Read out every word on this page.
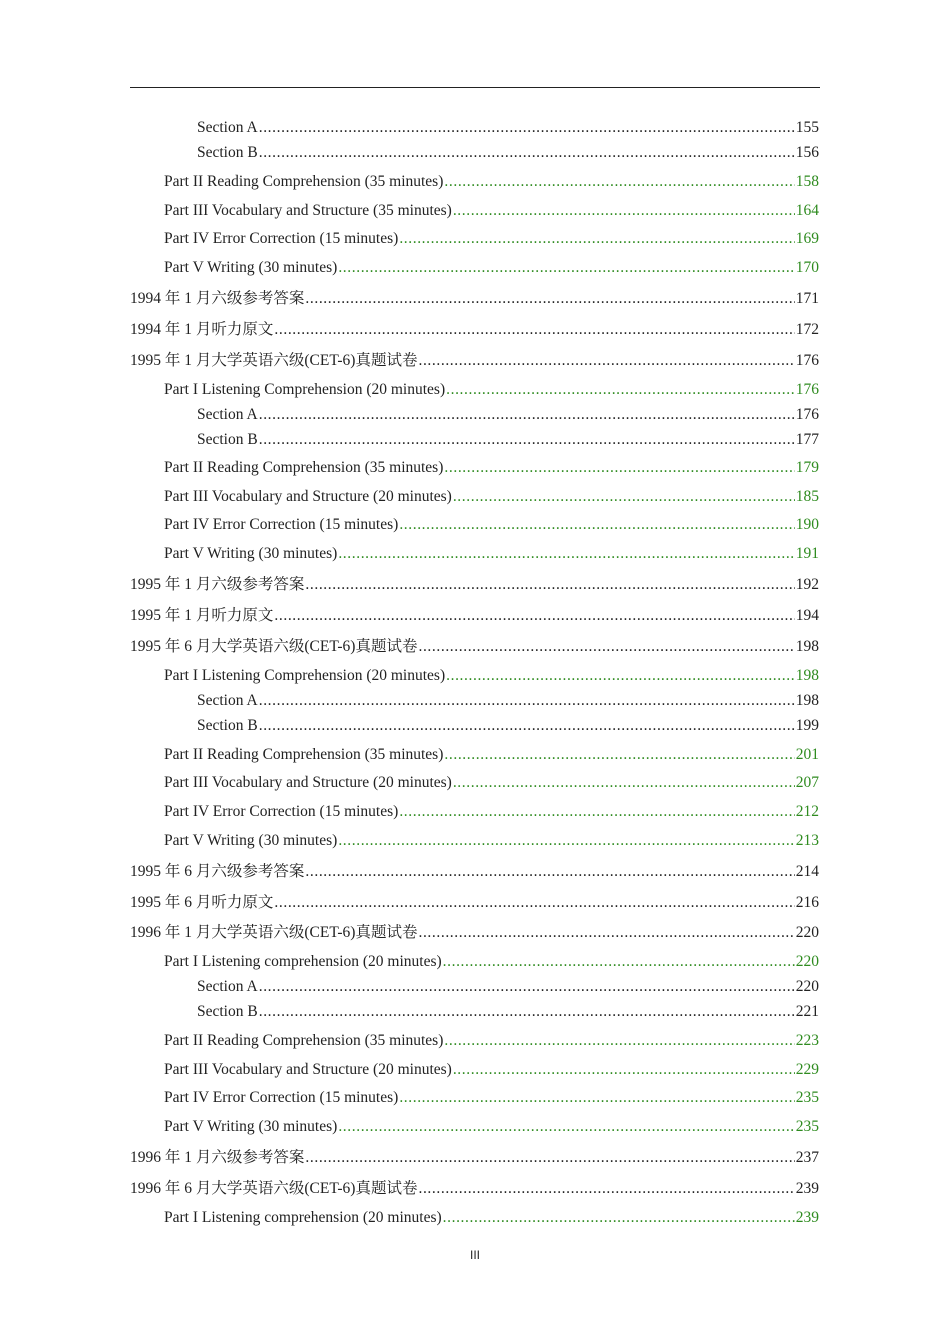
Section A .....	155
Section B .....	156
Part II Reading Comprehension (35 minutes) .....	158
Part III Vocabulary and Structure (35 minutes) .....	164
Part IV Error Correction (15 minutes) .....	169
Part V Writing (30 minutes) .....	170
1994 年 1 月六级参考答案 .....	171
1994 年 1 月听力原文 .....	172
1995 年 1 月大学英语六级(CET-6)真题试卷 .....	176
Part I Listening Comprehension (20 minutes) .....	176
Section A .....	176
Section B .....	177
Part II Reading Comprehension (35 minutes) .....	179
Part III Vocabulary and Structure (20 minutes) .....	185
Part IV Error Correction (15 minutes) .....	190
Part V Writing (30 minutes) .....	191
1995 年 1 月六级参考答案 .....	192
1995 年 1 月听力原文 .....	194
1995 年 6 月大学英语六级(CET-6)真题试卷 .....	198
Part I Listening Comprehension (20 minutes) .....	198
Section A .....	198
Section B .....	199
Part II Reading Comprehension (35 minutes) .....	201
Part III Vocabulary and Structure (20 minutes) .....	207
Part IV Error Correction (15 minutes) .....	212
Part V Writing (30 minutes) .....	213
1995 年 6 月六级参考答案 .....	214
1995 年 6 月听力原文 .....	216
1996 年 1 月大学英语六级(CET-6)真题试卷 .....	220
Part I Listening comprehension (20 minutes) .....	220
Section A .....	220
Section B .....	221
Part II Reading Comprehension (35 minutes) .....	223
Part III Vocabulary and Structure (20 minutes) .....	229
Part IV Error Correction (15 minutes) .....	235
Part V Writing (30 minutes) .....	235
1996 年 1 月六级参考答案 .....	237
1996 年 6 月大学英语六级(CET-6)真题试卷 .....	239
Part I Listening comprehension (20 minutes) .....	239
III
